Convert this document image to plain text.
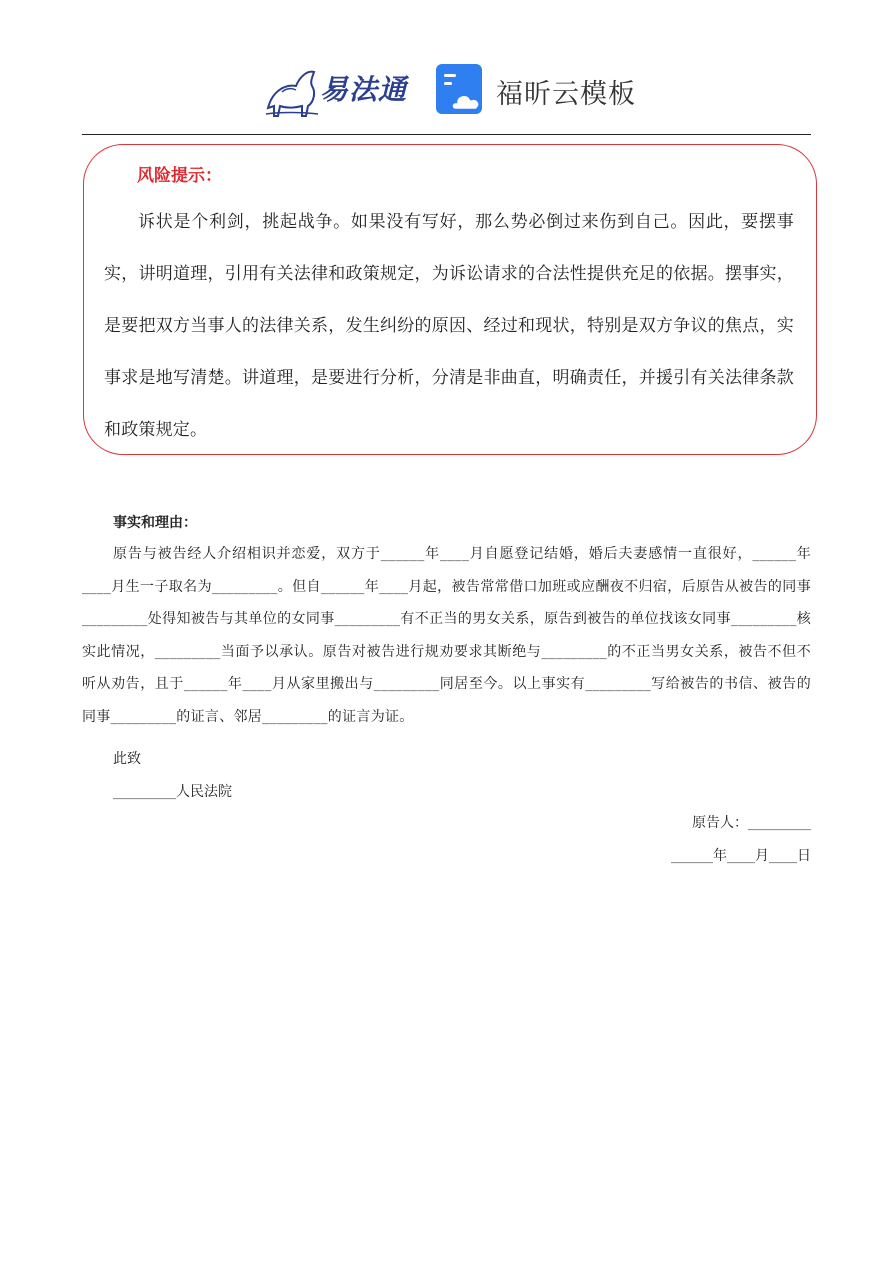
易法通	福昕云模板
风险提示：
诉状是个利剑，挑起战争。如果没有写好，那么势必倒过来伤到自己。因此，要摆事实，讲明道理，引用有关法律和政策规定，为诉讼请求的合法性提供充足的依据。摆事实，是要把双方当事人的法律关系，发生纠纷的原因、经过和现状，特别是双方争议的焦点，实事求是地写清楚。讲道理，是要进行分析，分清是非曲直，明确责任，并援引有关法律条款和政策规定。
事实和理由：
原告与被告经人介绍相识并恋爱，双方于______年____月自愿登记结婚，婚后夫妻感情一直很好，______年____月生一子取名为_________。但自______年____月起，被告常常借口加班或应酬夜不归宿，后原告从被告的同事_________处得知被告与其单位的女同事_________有不正当的男女关系，原告到被告的单位找该女同事_________核实此情况，_________当面予以承认。原告对被告进行规劝要求其断绝与_________的不正当男女关系，被告不但不听从劝告，且于______年____月从家里搬出与_________同居至今。以上事实有_________写给被告的书信、被告的同事_________的证言、邻居_________的证言为证。
此致
_________人民法院
原告人：_________
______年____月____日
